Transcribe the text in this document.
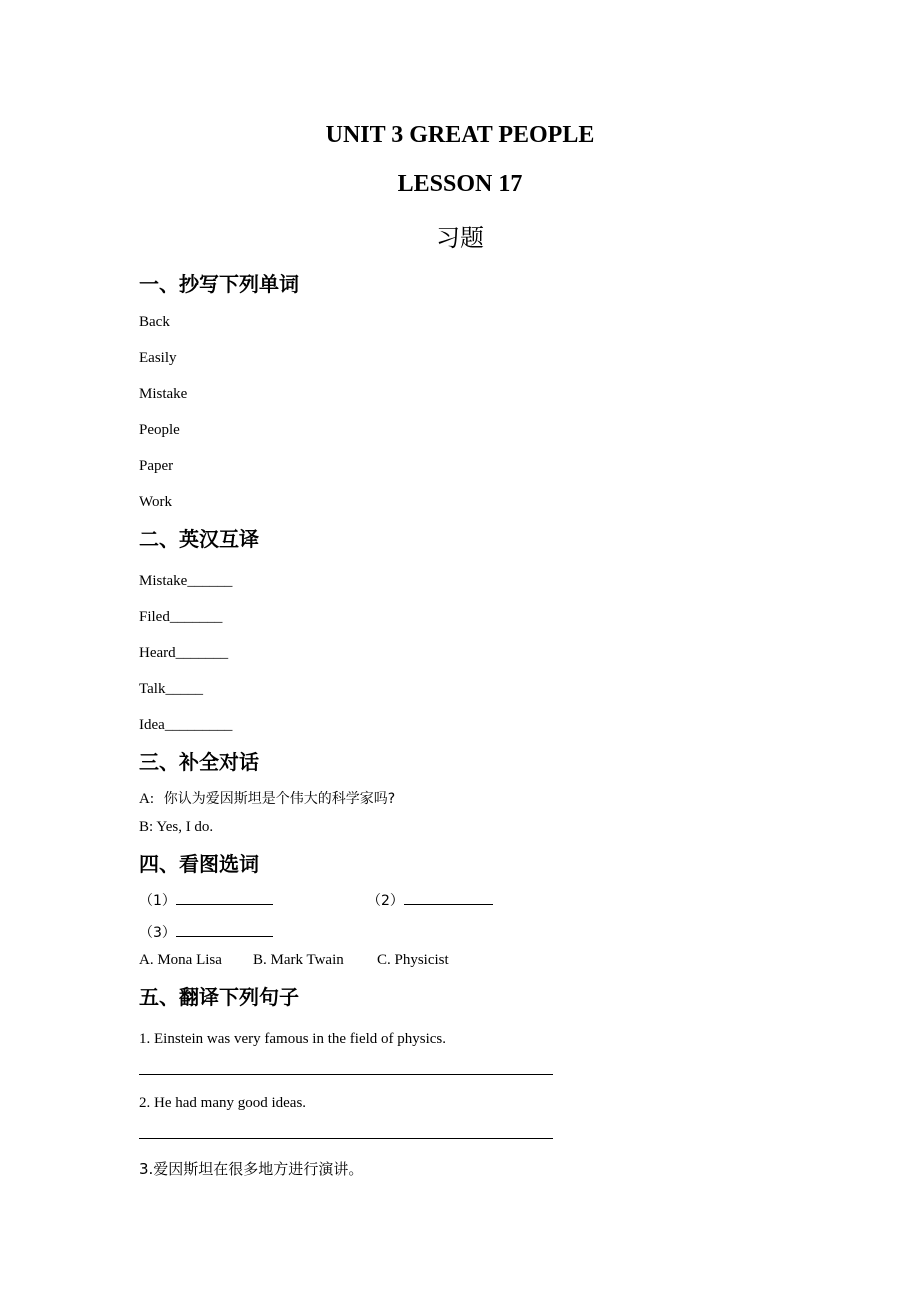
UNIT 3 GREAT PEOPLE
LESSON 17
习题
一、抄写下列单词
Back
Easily
Mistake
People
Paper
Work
二、英汉互译
Mistake______
Filed_______
Heard_______
Talk_____
Idea_________
三、补全对话
A: 你认为爱因斯坦是个伟大的科学家吗?
B: Yes, I do.
四、看图选词
（1）	（2）
（3）
A. Mona Lisa B. Mark Twain C. Physicist
五、翻译下列句子
1. Einstein was very famous in the field of physics.
2. He had many good ideas.
3.爱因斯坦在很多地方进行演讲。
